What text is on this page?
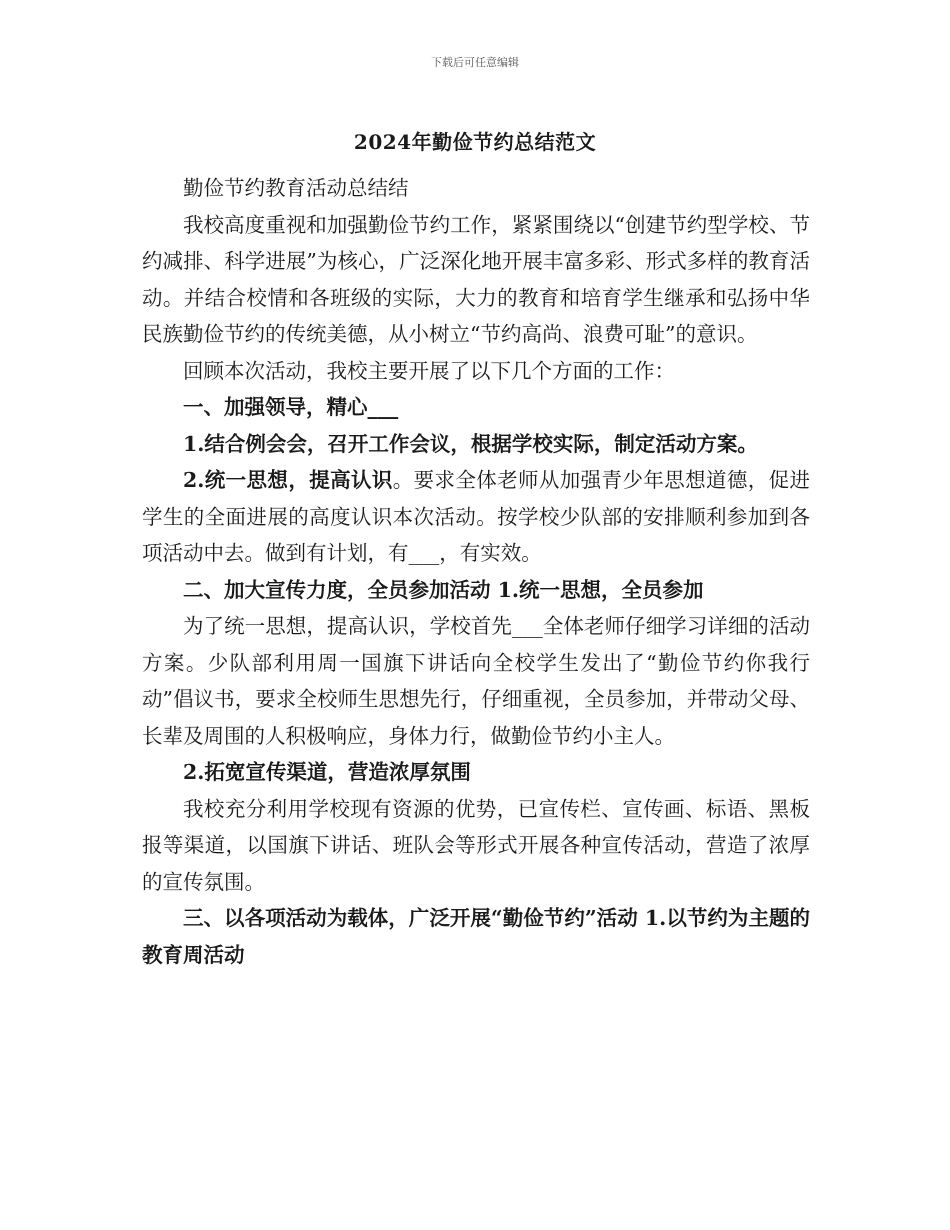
下载后可任意编辑
2024年勤俭节约总结范文

勤俭节约教育活动总结结

我校高度重视和加强勤俭节约工作，紧紧围绕以“创建节约型学校、节约减排、科学进展”为核心，广泛深化地开展丰富多彩、形式多样的教育活动。并结合校情和各班级的实际，大力的教育和培育学生继承和弘扬中华民族勤俭节约的传统美德，从小树立“节约高尚、浪费可耻”的意识。

回顾本次活动，我校主要开展了以下几个方面的工作：

一、加强领导，精心___

1.结合例会会，召开工作会议，根据学校实际，制定活动方案。

2.统一思想，提高认识。要求全体老师从加强青少年思想道德，促进学生的全面进展的高度认识本次活动。按学校少队部的安排顺利参加到各项活动中去。做到有计划，有___，有实效。

二、加大宣传力度，全员参加活动 1.统一思想，全员参加

为了统一思想，提高认识，学校首先___全体老师仔细学习详细的活动方案。少队部利用周一国旗下讲话向全校学生发出了“勤俭节约你我行动”倡议书，要求全校师生思想先行，仔细重视，全员参加，并带动父母、长辈及周围的人积极响应，身体力行，做勤俭节约小主人。

2.拓宽宣传渠道，营造浓厚氛围

我校充分利用学校现有资源的优势，已宣传栏、宣传画、标语、黑板报等渠道，以国旗下讲话、班队会等形式开展各种宣传活动，营造了浓厚的宣传氛围。

三、以各项活动为载体，广泛开展“勤俭节约”活动 1.以节约为主题的教育周活动
